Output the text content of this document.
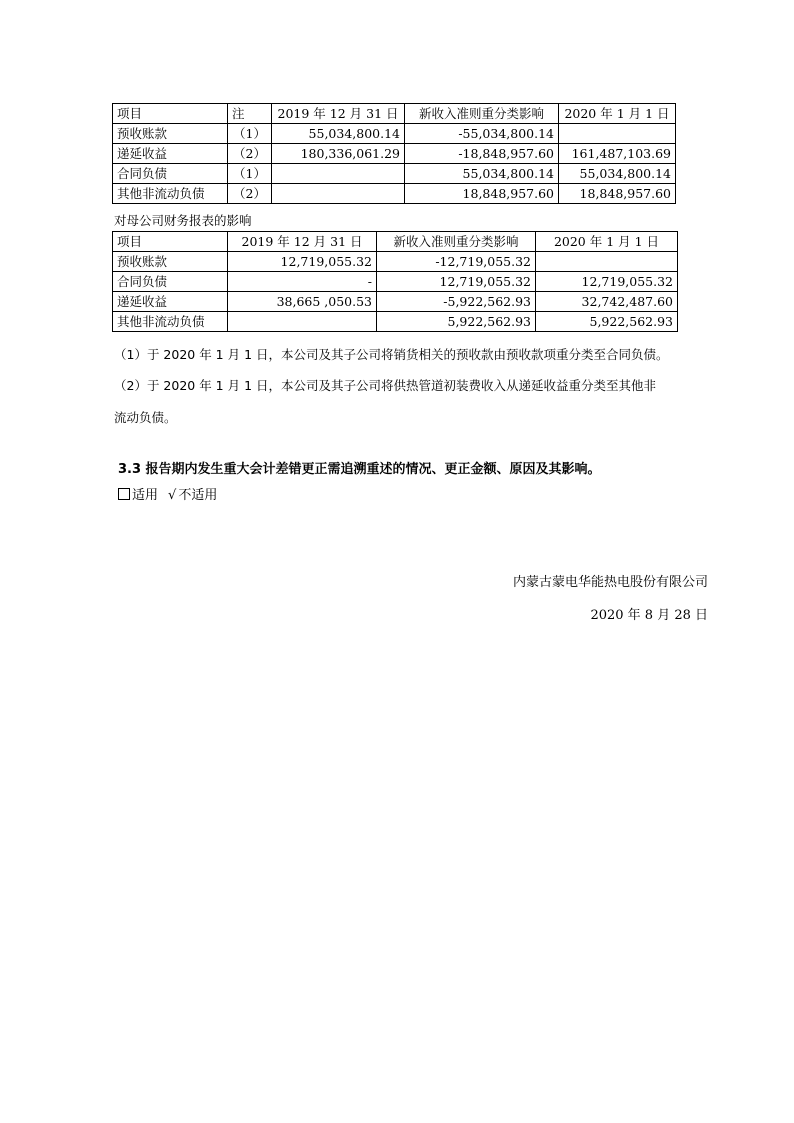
项目	注	2019 年 12 月 31 日	新收入准则重分类影响	2020 年 1 月 1 日
预收账款	（1）	55,034,800.14	-55,034,800.14	
递延收益	（2）	180,336,061.29	-18,848,957.60	161,487,103.69
合同负债	（1）		55,034,800.14	55,034,800.14
其他非流动负债	（2）		18,848,957.60	18,848,957.60
对母公司财务报表的影响
项目	2019 年 12 月 31 日	新收入准则重分类影响	2020 年 1 月 1 日
预收账款	12,719,055.32	-12,719,055.32	
合同负债	-	12,719,055.32	12,719,055.32
递延收益	38,665 ,050.53	-5,922,562.93	32,742,487.60
其他非流动负债		5,922,562.93	5,922,562.93
（1）于 2020 年 1 月 1 日，本公司及其子公司将销货相关的预收款由预收款项重分类至合同负债。
（2）于 2020 年 1 月 1 日，本公司及其子公司将供热管道初装费收入从递延收益重分类至其他非
流动负债。
3.3 报告期内发生重大会计差错更正需追溯重述的情况、更正金额、原因及其影响。
适用 √ 不适用
内蒙古蒙电华能热电股份有限公司
2020 年 8 月 28 日
